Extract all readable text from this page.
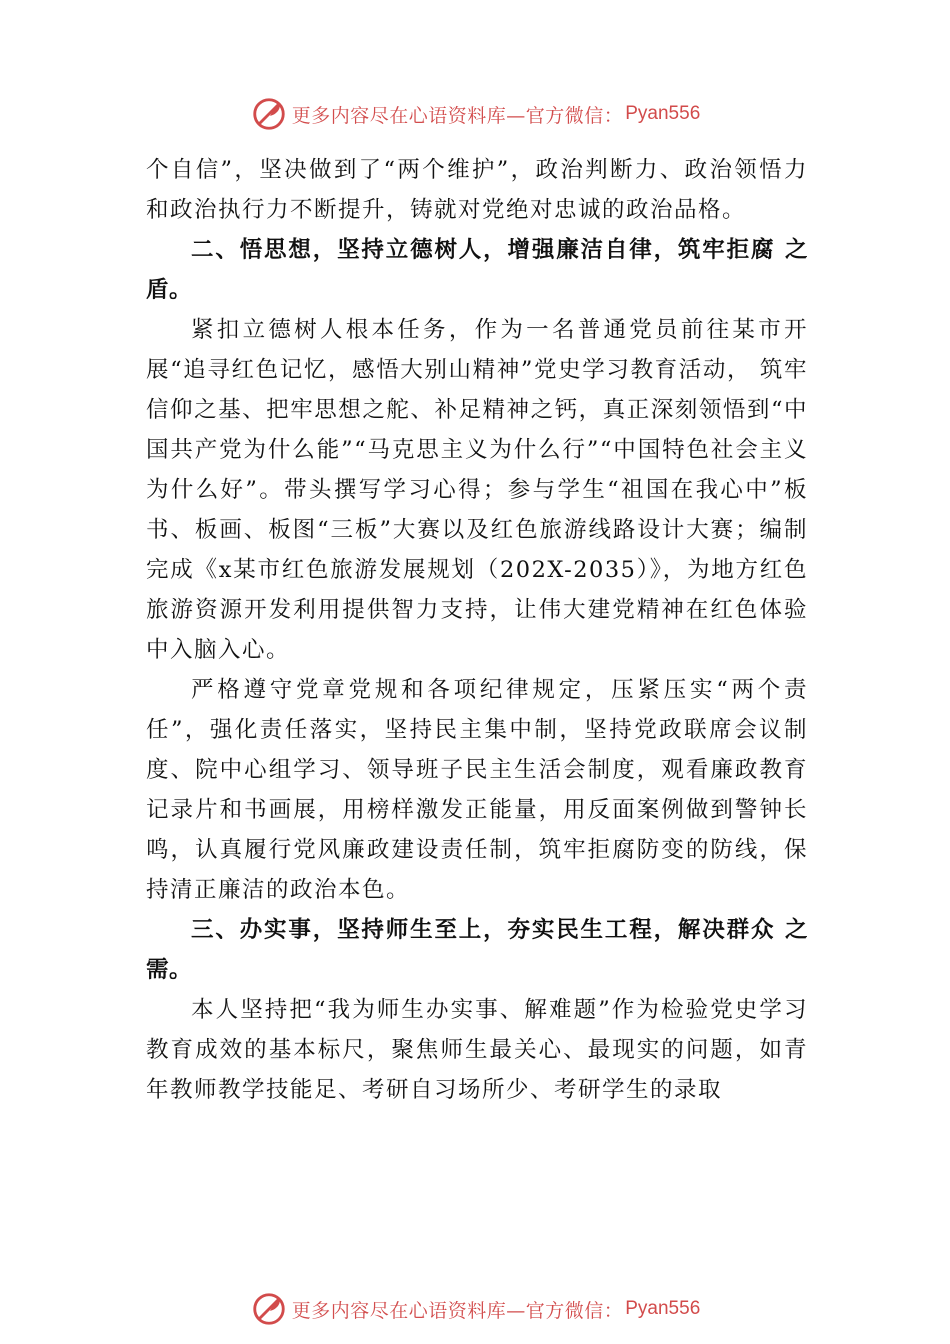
更多内容尽在心语资料库—官方微信： Pyan556

个自信”，坚决做到了“两个维护”，政治判断力、政治领悟力和政治执行力不断提升，铸就对党绝对忠诚的政治品格。

二、悟思想，坚持立德树人，增强廉洁自律，筑牢拒腐 之盾。

紧扣立德树人根本任务，作为一名普通党员前往某市开展“追寻红色记忆，感悟大别山精神”党史学习教育活动， 筑牢信仰之基、把牢思想之舵、补足精神之钙，真正深刻领悟到“中国共产党为什么能”“马克思主义为什么行”“中国特色社会主义为什么好”。带头撰写学习心得；参与学生“祖国在我心中”板书、板画、板图“三板”大赛以及红色旅游线路设计大赛；编制完成《x某市红色旅游发展规划（202X-2035）》，为地方红色旅游资源开发利用提供智力支持，让伟大建党精神在红色体验中入脑入心。

严格遵守党章党规和各项纪律规定，压紧压实“两个责任”，强化责任落实，坚持民主集中制，坚持党政联席会议制度、院中心组学习、领导班子民主生活会制度，观看廉政教育记录片和书画展，用榜样激发正能量，用反面案例做到警钟长鸣，认真履行党风廉政建设责任制，筑牢拒腐防变的防线，保持清正廉洁的政治本色。

三、办实事，坚持师生至上，夯实民生工程，解决群众 之需。

本人坚持把“我为师生办实事、解难题”作为检验党史学习教育成效的基本标尺，聚焦师生最关心、最现实的问题，如青年教师教学技能足、考研自习场所少、考研学生的录取

更多内容尽在心语资料库—官方微信： Pyan556
